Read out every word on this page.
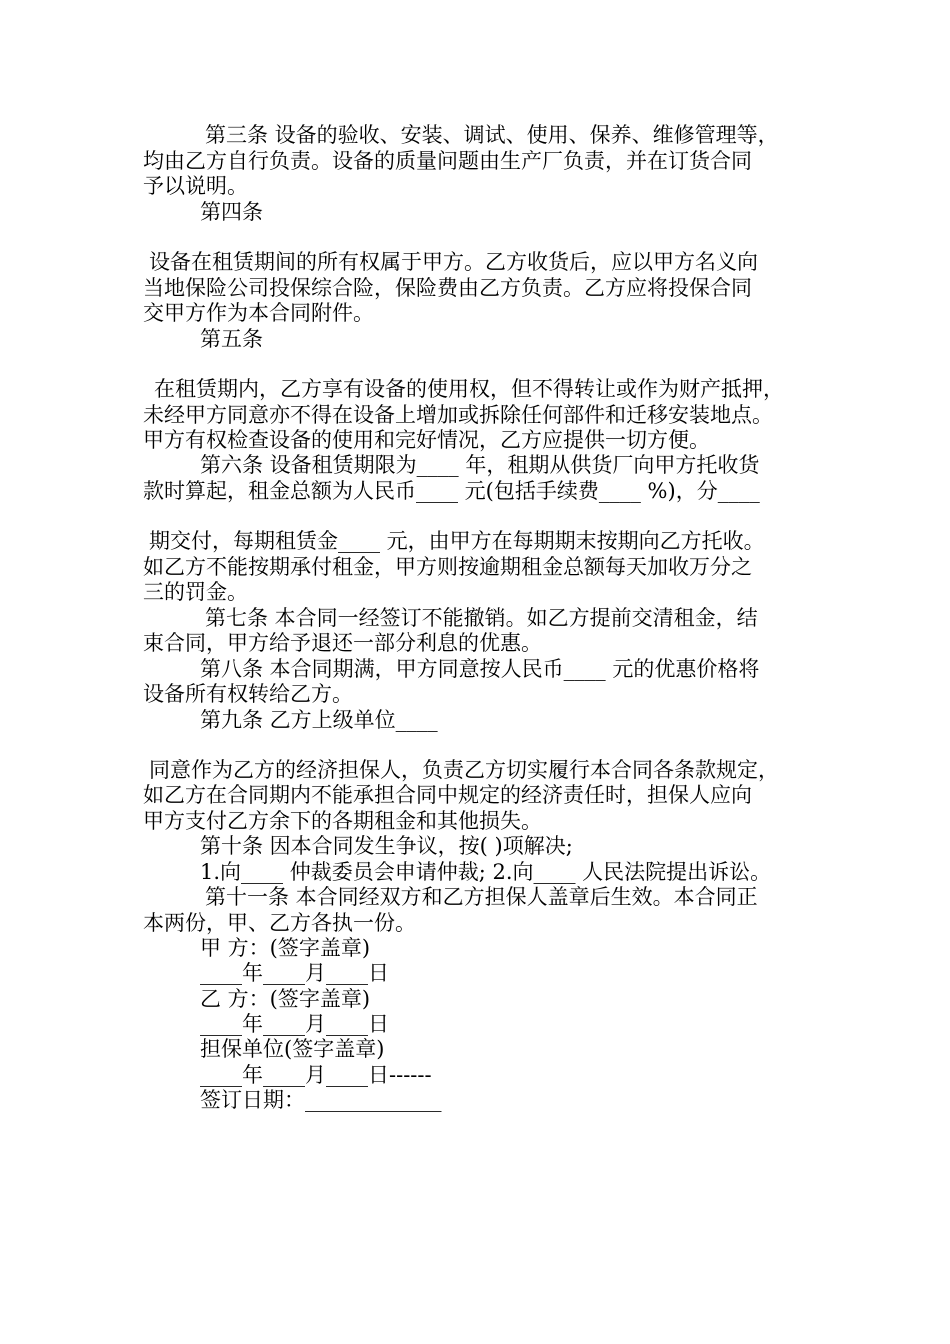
第三条 设备的验收、安装、调试、使用、保养、维修管理等，
均由乙方自行负责。设备的质量问题由生产厂负责，并在订货合同
予以说明。
第四条
设备在租赁期间的所有权属于甲方。乙方收货后，应以甲方名义向
当地保险公司投保综合险，保险费由乙方负责。乙方应将投保合同
交甲方作为本合同附件。
第五条
在租赁期内，乙方享有设备的使用权，但不得转让或作为财产抵押，
未经甲方同意亦不得在设备上增加或拆除任何部件和迁移安装地点。
甲方有权检查设备的使用和完好情况，乙方应提供一切方便。
第六条 设备租赁期限为____ 年，租期从供货厂向甲方托收货
款时算起，租金总额为人民币____ 元(包括手续费____ %)，分____
期交付，每期租赁金____ 元，由甲方在每期期末按期向乙方托收。
如乙方不能按期承付租金，甲方则按逾期租金总额每天加收万分之
三的罚金。
第七条 本合同一经签订不能撤销。如乙方提前交清租金，结
束合同，甲方给予退还一部分利息的优惠。
第八条 本合同期满，甲方同意按人民币____ 元的优惠价格将
设备所有权转给乙方。
第九条 乙方上级单位____
同意作为乙方的经济担保人，负责乙方切实履行本合同各条款规定，
如乙方在合同期内不能承担合同中规定的经济责任时，担保人应向
甲方支付乙方余下的各期租金和其他损失。
第十条 因本合同发生争议，按( )项解决;
1.向____ 仲裁委员会申请仲裁; 2.向____ 人民法院提出诉讼。
第十一条 本合同经双方和乙方担保人盖章后生效。本合同正
本两份，甲、乙方各执一份。
甲 方：(签字盖章)
____年____月____日
乙 方：(签字盖章)
____年____月____日
担保单位(签字盖章)
____年____月____日------
签订日期：_____________
